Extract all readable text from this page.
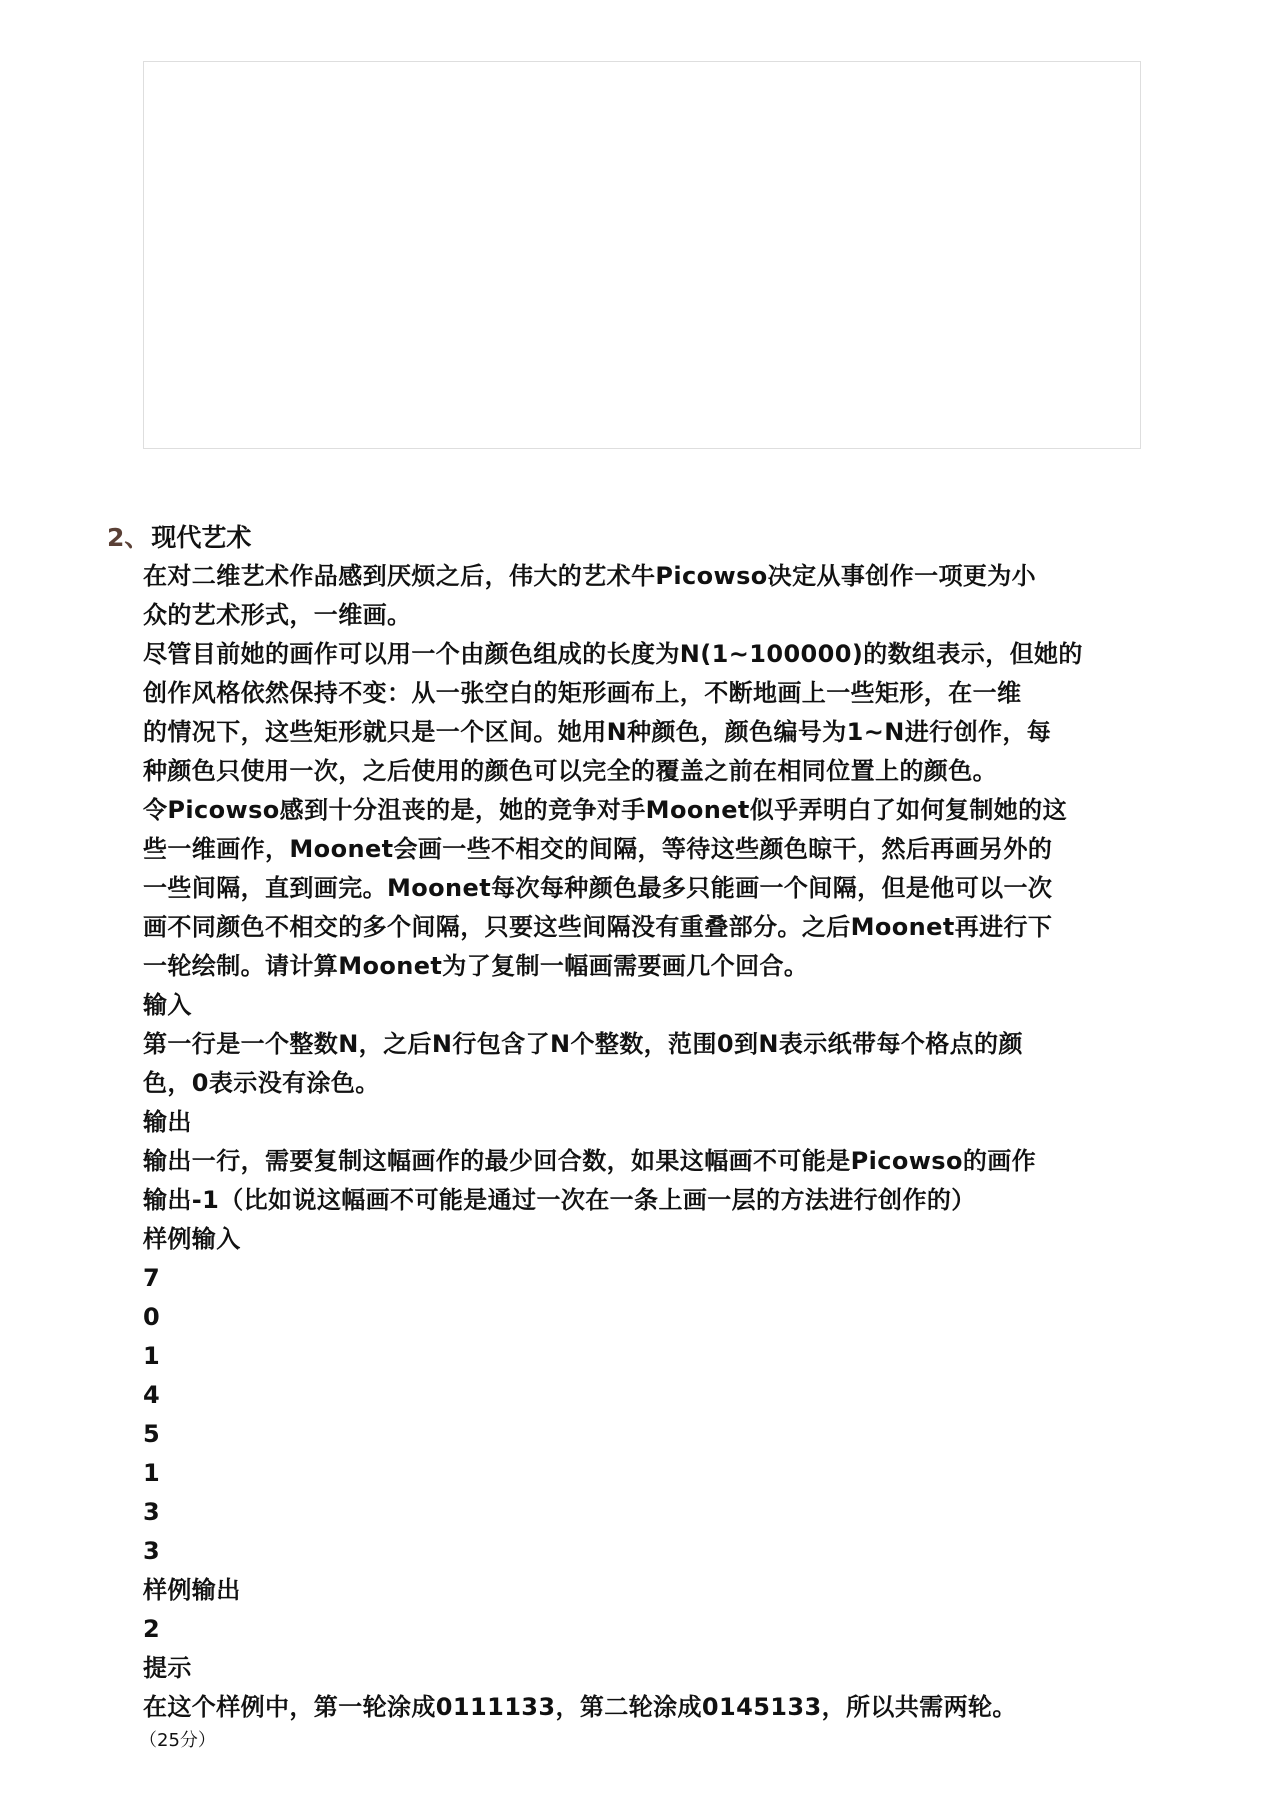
2、现代艺术
在对二维艺术作品感到厌烦之后，伟大的艺术牛Picowso决定从事创作一项更为小
众的艺术形式，一维画。
尽管目前她的画作可以用一个由颜色组成的长度为N(1~100000)的数组表示，但她的
创作风格依然保持不变：从一张空白的矩形画布上，不断地画上一些矩形，在一维
的情况下，这些矩形就只是一个区间。她用N种颜色，颜色编号为1~N进行创作，每
种颜色只使用一次，之后使用的颜色可以完全的覆盖之前在相同位置上的颜色。
令Picowso感到十分沮丧的是，她的竞争对手Moonet似乎弄明白了如何复制她的这
些一维画作，Moonet会画一些不相交的间隔，等待这些颜色晾干，然后再画另外的
一些间隔，直到画完。Moonet每次每种颜色最多只能画一个间隔，但是他可以一次
画不同颜色不相交的多个间隔，只要这些间隔没有重叠部分。之后Moonet再进行下
一轮绘制。请计算Moonet为了复制一幅画需要画几个回合。
输入
第一行是一个整数N，之后N行包含了N个整数，范围0到N表示纸带每个格点的颜
色，0表示没有涂色。
输出
输出一行，需要复制这幅画作的最少回合数，如果这幅画不可能是Picowso的画作
输出-1（比如说这幅画不可能是通过一次在一条上画一层的方法进行创作的）
样例输入
7
0
1
4
5
1
3
3
样例输出
2
提示
在这个样例中，第一轮涂成0111133，第二轮涂成0145133，所以共需两轮。
（25分）
